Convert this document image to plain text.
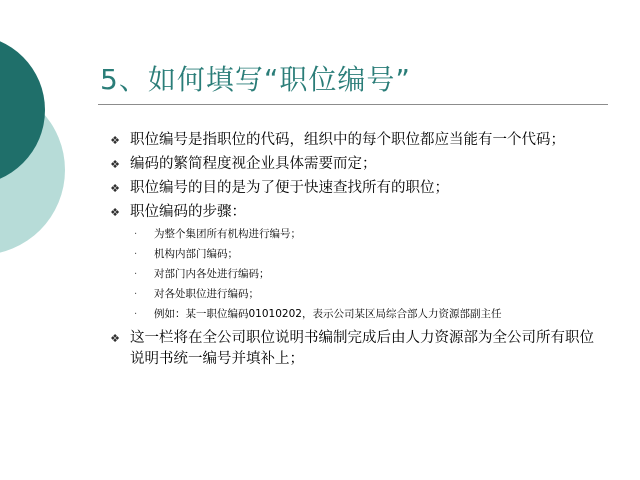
5、如何填写“职位编号”
❖ 职位编号是指职位的代码，组织中的每个职位都应当能有一个代码；
❖ 编码的繁简程度视企业具体需要而定；
❖ 职位编号的目的是为了便于快速查找所有的职位；
❖ 职位编码的步骤：
· 为整个集团所有机构进行编号；
· 机构内部门编码；
· 对部门内各处进行编码；
· 对各处职位进行编码；
· 例如：某一职位编码01010202，表示公司某区局综合部人力资源部副主任
❖ 这一栏将在全公司职位说明书编制完成后由人力资源部为全公司所有职位说明书统一编号并填补上；
